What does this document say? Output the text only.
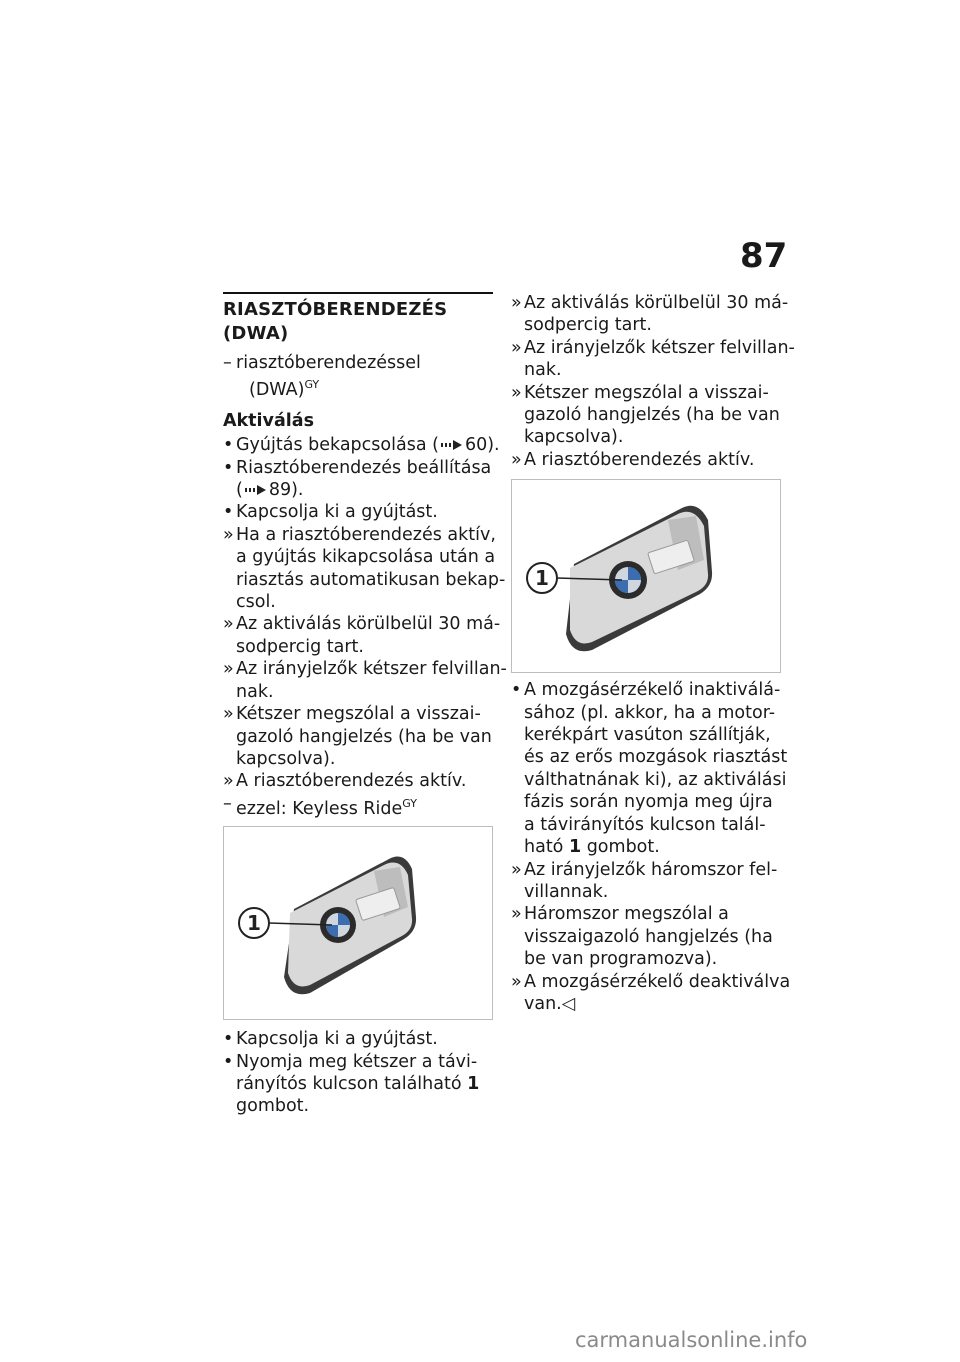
87
RIASZTÓBERENDEZÉS
(DWA)
– riasztóberendezéssel
(DWA)$^{GY}$
Aktiválás
• Gyújtás bekapcsolása ( 60).
• Riasztóberendezés beállítása
( 89).
• Kapcsolja ki a gyújtást.
» Ha a riasztóberendezés aktív,
a gyújtás kikapcsolása után a
riasztás automatikusan bekap-
csol.
» Az aktiválás körülbelül 30 má-
sodpercig tart.
» Az irányjelzők kétszer felvillan-
nak.
» Kétszer megszólal a visszai-
gazoló hangjelzés (ha be van
kapcsolva).
» A riasztóberendezés aktív.
– ezzel: Keyless Ride$^{GY}$
1
• Kapcsolja ki a gyújtást.
• Nyomja meg kétszer a távi-
rányítós kulcson található 1
gombot.
» Az aktiválás körülbelül 30 má-
sodpercig tart.
» Az irányjelzők kétszer felvillan-
nak.
» Kétszer megszólal a visszai-
gazoló hangjelzés (ha be van
kapcsolva).
» A riasztóberendezés aktív.
1
• A mozgásérzékelő inaktiválá-
sához (pl. akkor, ha a motor-
kerékpárt vasúton szállítják,
és az erős mozgások riasztást
válthatnának ki), az aktiválási
fázis során nyomja meg újra
a távirányítós kulcson talál-
ható 1 gombot.
» Az irányjelzők háromszor fel-
villannak.
» Háromszor megszólal a
visszaigazoló hangjelzés (ha
be van programozva).
» A mozgásérzékelő deaktiválva
van.◁
carmanualsonline.info
